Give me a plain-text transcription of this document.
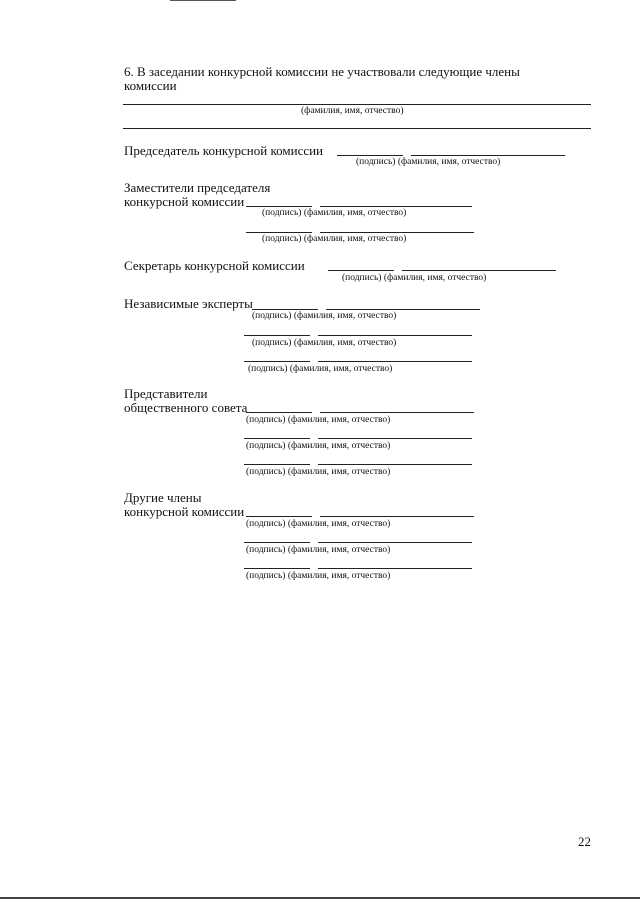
6. В заседании конкурсной комиссии не участвовали следующие члены
комиссии
(фамилия, имя, отчество)
Председатель конкурсной комиссии
(подпись) (фамилия, имя, отчество)
Заместители председателя
конкурсной комиссии
(подпись) (фамилия, имя, отчество)
(подпись) (фамилия, имя, отчество)
Секретарь конкурсной комиссии
(подпись) (фамилия, имя, отчество)
Независимые эксперты
(подпись) (фамилия, имя, отчество)
(подпись) (фамилия, имя, отчество)
(подпись) (фамилия, имя, отчество)
Представители
общественного совета
(подпись) (фамилия, имя, отчество)
(подпись) (фамилия, имя, отчество)
(подпись) (фамилия, имя, отчество)
Другие члены
конкурсной комиссии
(подпись) (фамилия, имя, отчество)
(подпись) (фамилия, имя, отчество)
(подпись) (фамилия, имя, отчество)
22
